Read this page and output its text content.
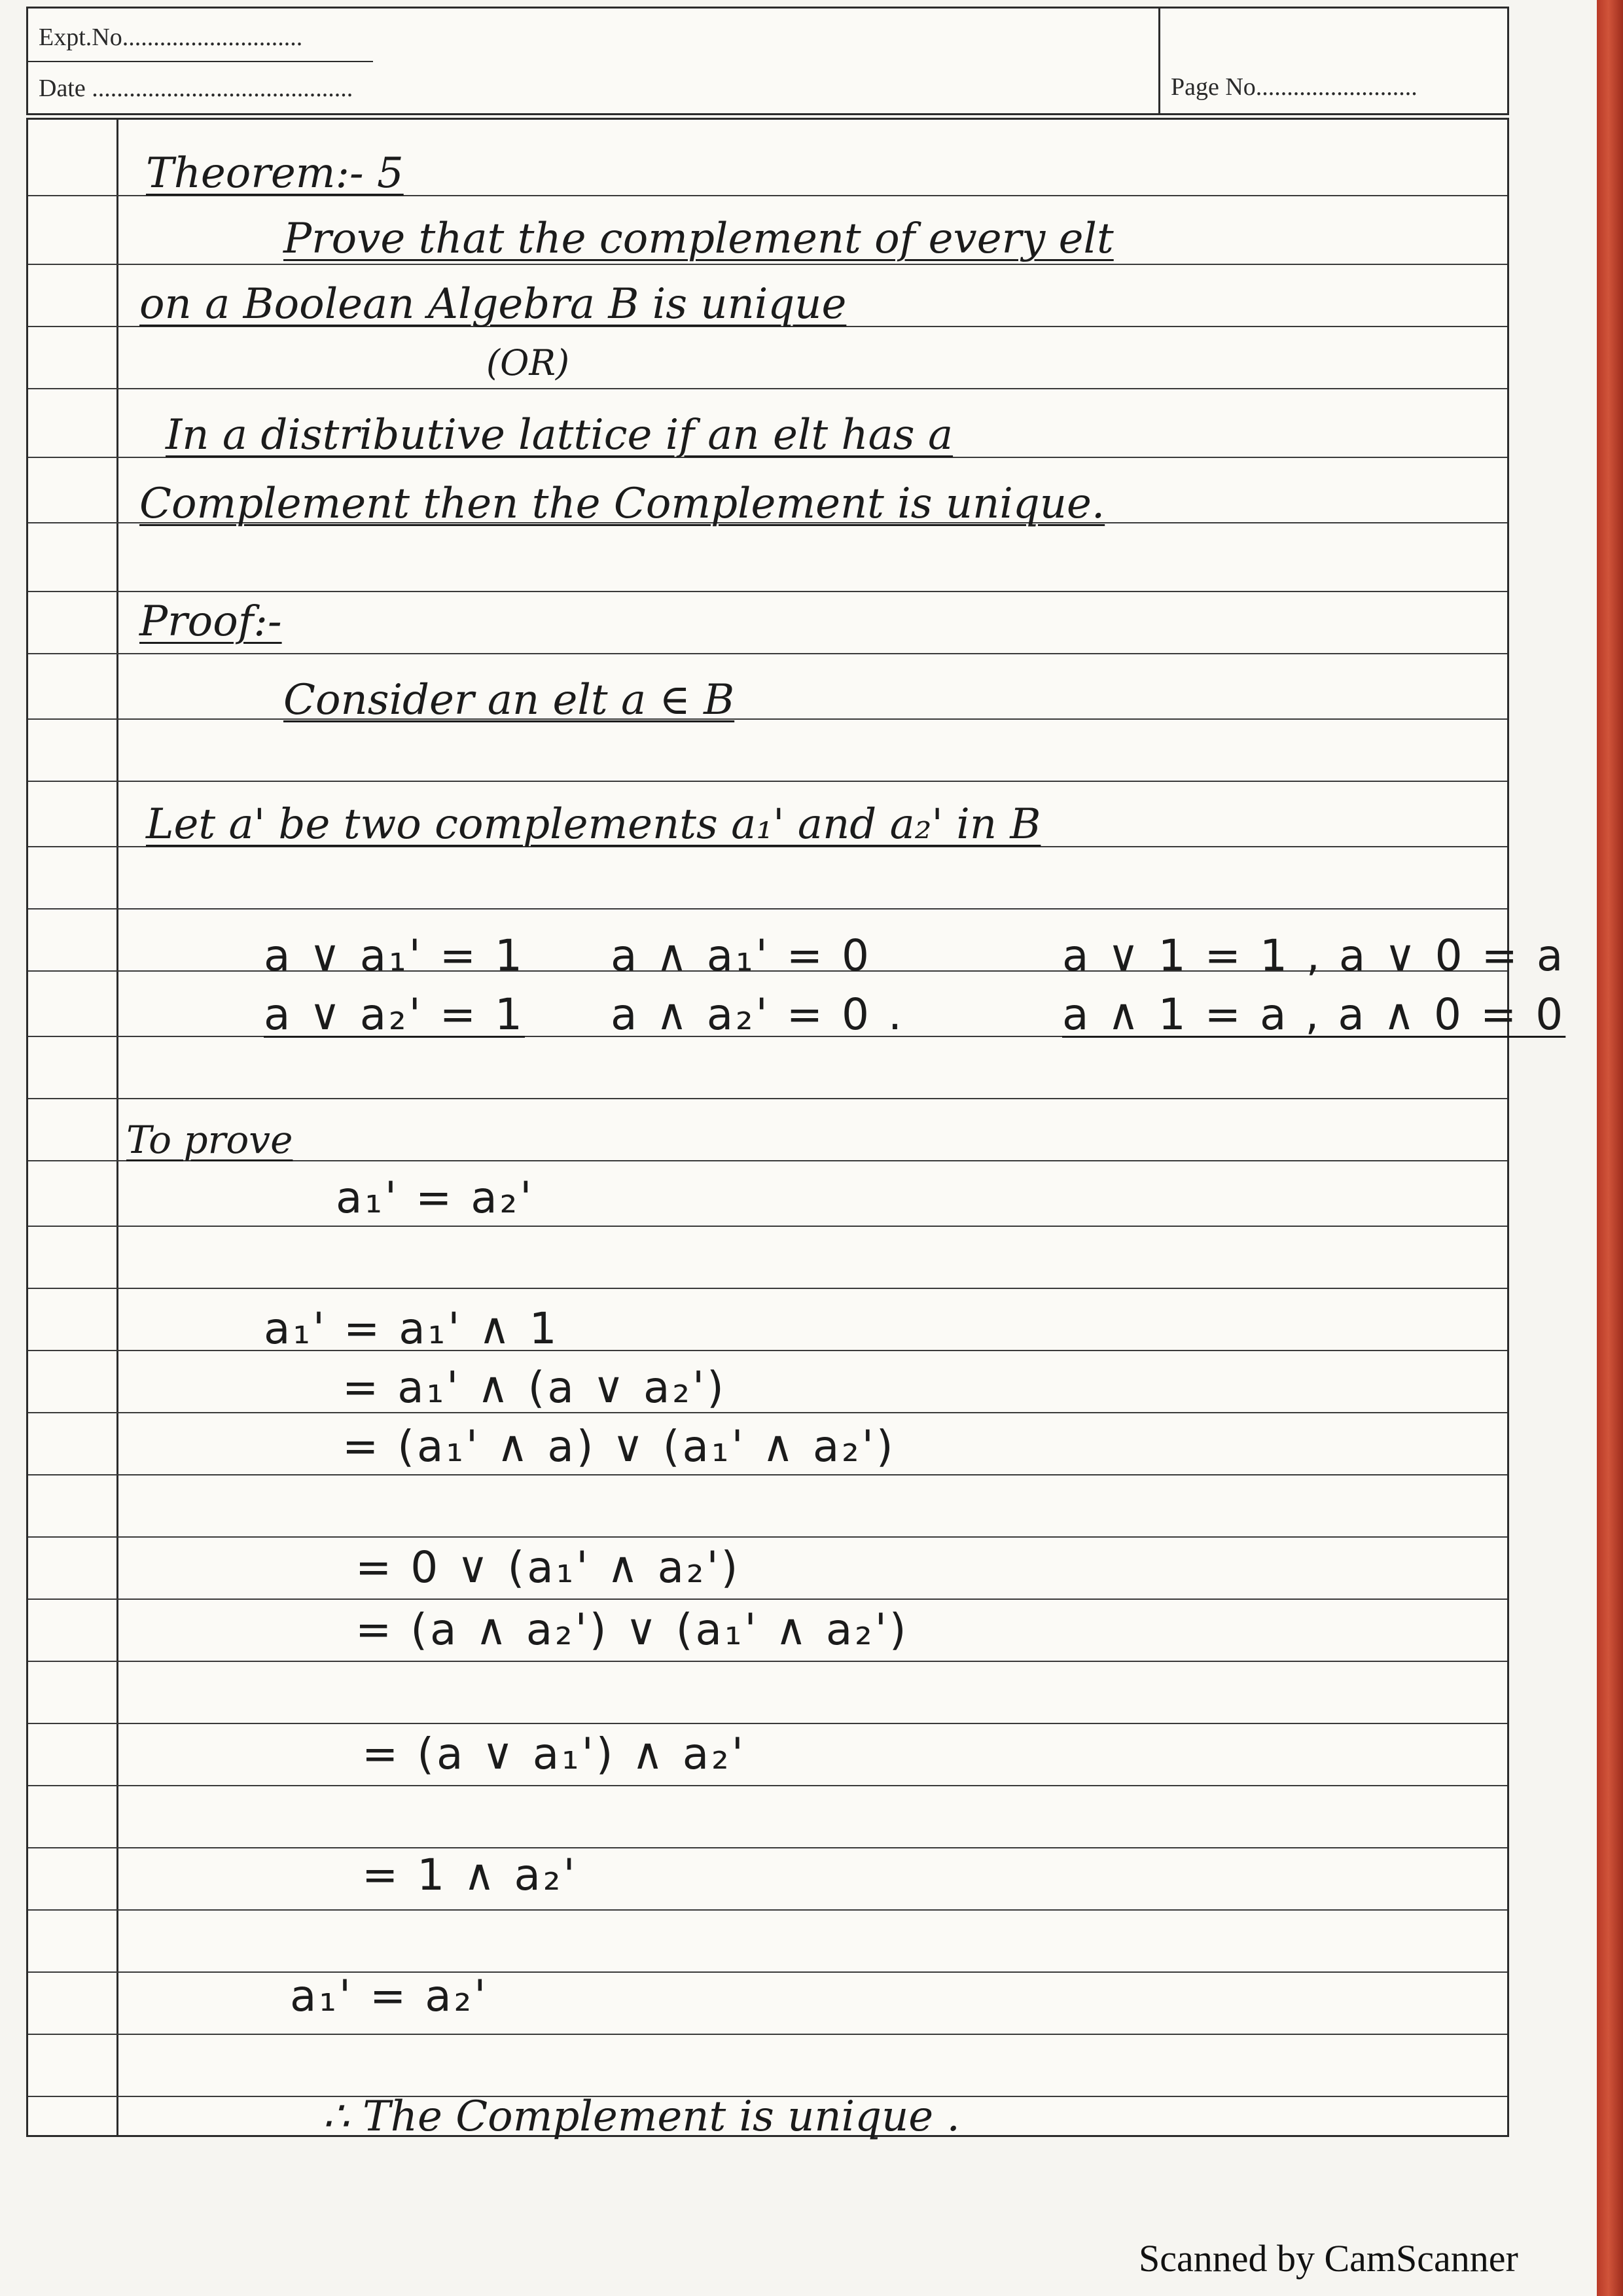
Expt.No.............................
Date ..........................................	Page No..........................
Theorem:- 5
Prove that the complement of every elt
on a Boolean Algebra B is unique
(OR)
In a distributive lattice if an elt has a
Complement then the Complement is unique.
Proof:-
Consider an elt a ∈ B
Let a' be two complements a₁' and a₂' in B
a ∨ a₁' = 1 a ∧ a₁' = 0	a ∨ 1 = 1 , a ∨ 0 = a
a ∨ a₂' = 1 a ∧ a₂' = 0 .	a ∧ 1 = a , a ∧ 0 = 0
To prove
a₁' = a₂'
a₁' = a₁' ∧ 1
= a₁' ∧ (a ∨ a₂')
= (a₁' ∧ a) ∨ (a₁' ∧ a₂')
= 0 ∨ (a₁' ∧ a₂')
= (a ∧ a₂') ∨ (a₁' ∧ a₂')
= (a ∨ a₁') ∧ a₂'
= 1 ∧ a₂'
a₁' = a₂'
∴ The Complement is unique .
Scanned by CamScanner
